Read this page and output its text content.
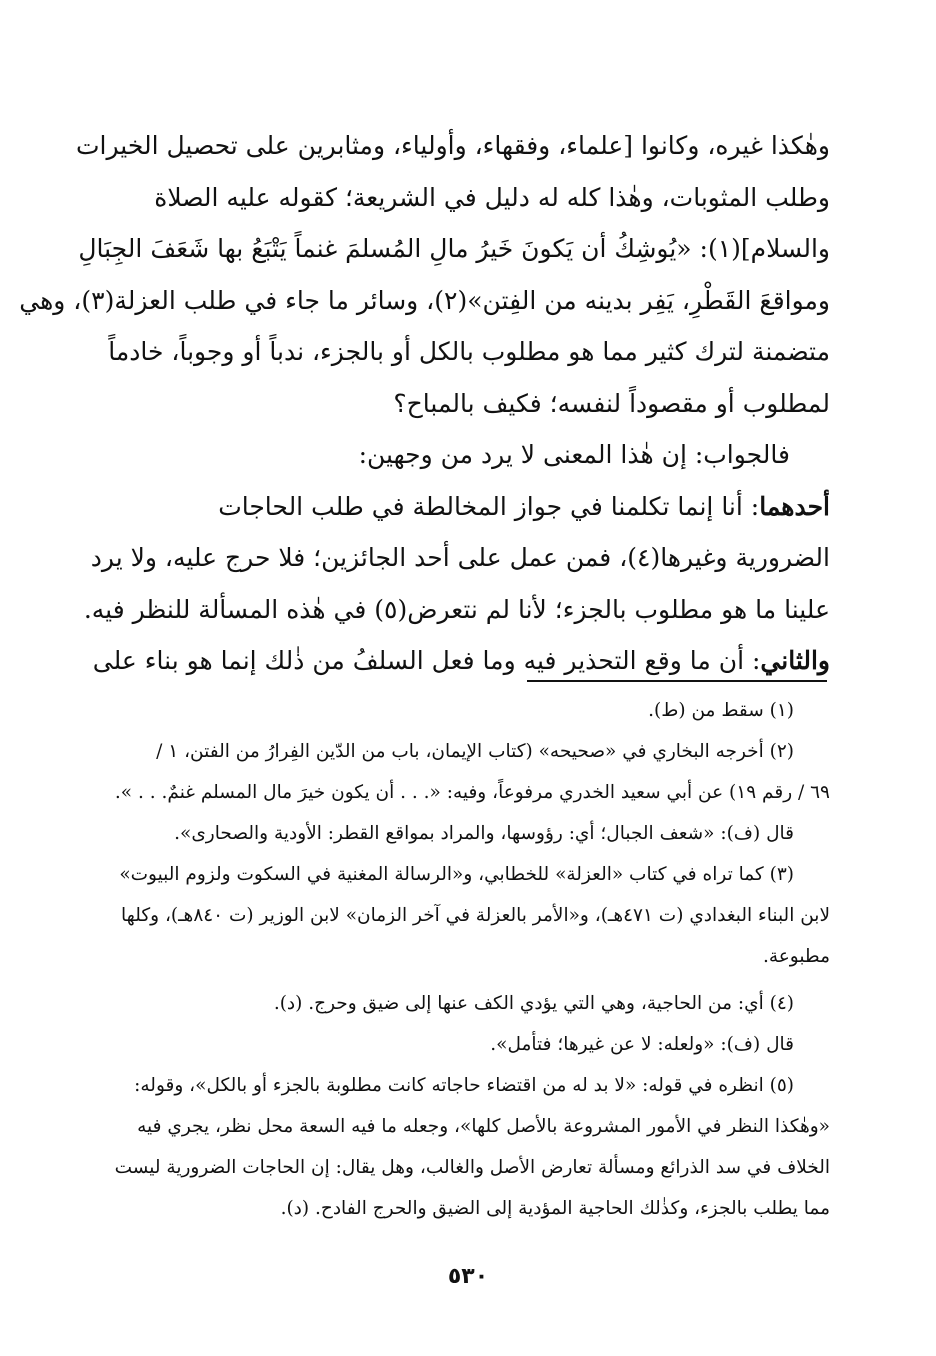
وهٰكذا غيره، وكانوا [علماء، وفقهاء، وأولياء، ومثابرين على تحصيل الخيرات
وطلب المثوبات، وهٰذا كله له دليل في الشريعة؛ كقوله عليه الصلاة
والسلام](١): «يُوشِكُ أن يَكونَ خَيرُ مالِ المُسلمَ غنماً يَتْبَعُ بها شَعَفَ الجِبَالِ
ومواقعَ القَطْرِ، يَفِر بدينه من الفِتن»(٢)، وسائر ما جاء في طلب العزلة(٣)، وهي
متضمنة لترك كثير مما هو مطلوب بالكل أو بالجزء، ندباً أو وجوباً، خادماً
لمطلوب أو مقصوداً لنفسه؛ فكيف بالمباح؟
فالجواب: إن هٰذا المعنى لا يرد من وجهين:
أحدهما: أنا إنما تكلمنا في جواز المخالطة في طلب الحاجات
الضرورية وغيرها(٤)، فمن عمل على أحد الجائزين؛ فلا حرج عليه، ولا يرد
علينا ما هو مطلوب بالجزء؛ لأنا لم نتعرض(٥) في هٰذه المسألة للنظر فيه.
والثاني: أن ما وقع التحذير فيه وما فعل السلفُ من ذٰلك إنما هو بناء على
(١) سقط من (ط).
(٢) أخرجه البخاري في «صحيحه» (كتاب الإيمان، باب من الدّين الفِرارُ من الفتن، ١ /
٦٩ / رقم ١٩) عن أبي سعيد الخدري مرفوعاً، وفيه: «. . . أن يكون خيرَ مال المسلم غنمٌ. . . ».
قال (ف): «شعف الجبال؛ أي: رؤوسها، والمراد بمواقع القطر: الأودية والصحارى».
(٣) كما تراه في كتاب «العزلة» للخطابي، و«الرسالة المغنية في السكوت ولزوم البيوت»
لابن البناء البغدادي (ت ٤٧١هـ)، و«الأمر بالعزلة في آخر الزمان» لابن الوزير (ت ٨٤٠هـ)، وكلها
مطبوعة.
(٤) أي: من الحاجية، وهي التي يؤدي الكف عنها إلى ضيق وحرج. (د).
قال (ف): «ولعله: لا عن غيرها؛ فتأمل».
(٥) انظره في قوله: «لا بد له من اقتضاء حاجاته كانت مطلوبة بالجزء أو بالكل»، وقوله:
«وهٰكذا النظر في الأمور المشروعة بالأصل كلها»، وجعله ما فيه السعة محل نظر، يجري فيه
الخلاف في سد الذرائع ومسألة تعارض الأصل والغالب، وهل يقال: إن الحاجات الضرورية ليست
مما يطلب بالجزء، وكذٰلك الحاجية المؤدية إلى الضيق والحرج الفادح. (د).
٥٣٠
